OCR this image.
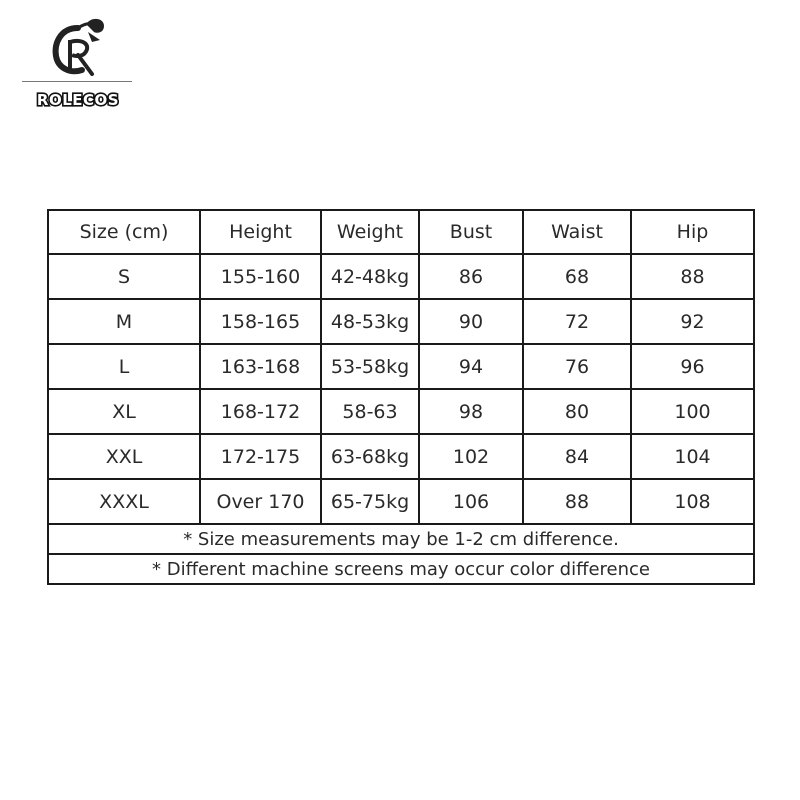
ROLECOS
Size (cm)	Height	Weight	Bust	Waist	Hip
S	155-160	42-48kg	86	68	88
M	158-165	48-53kg	90	72	92
L	163-168	53-58kg	94	76	96
XL	168-172	58-63	98	80	100
XXL	172-175	63-68kg	102	84	104
XXXL	Over 170	65-75kg	106	88	108
* Size measurements may be 1-2 cm difference.					
* Different machine screens may occur color difference					
